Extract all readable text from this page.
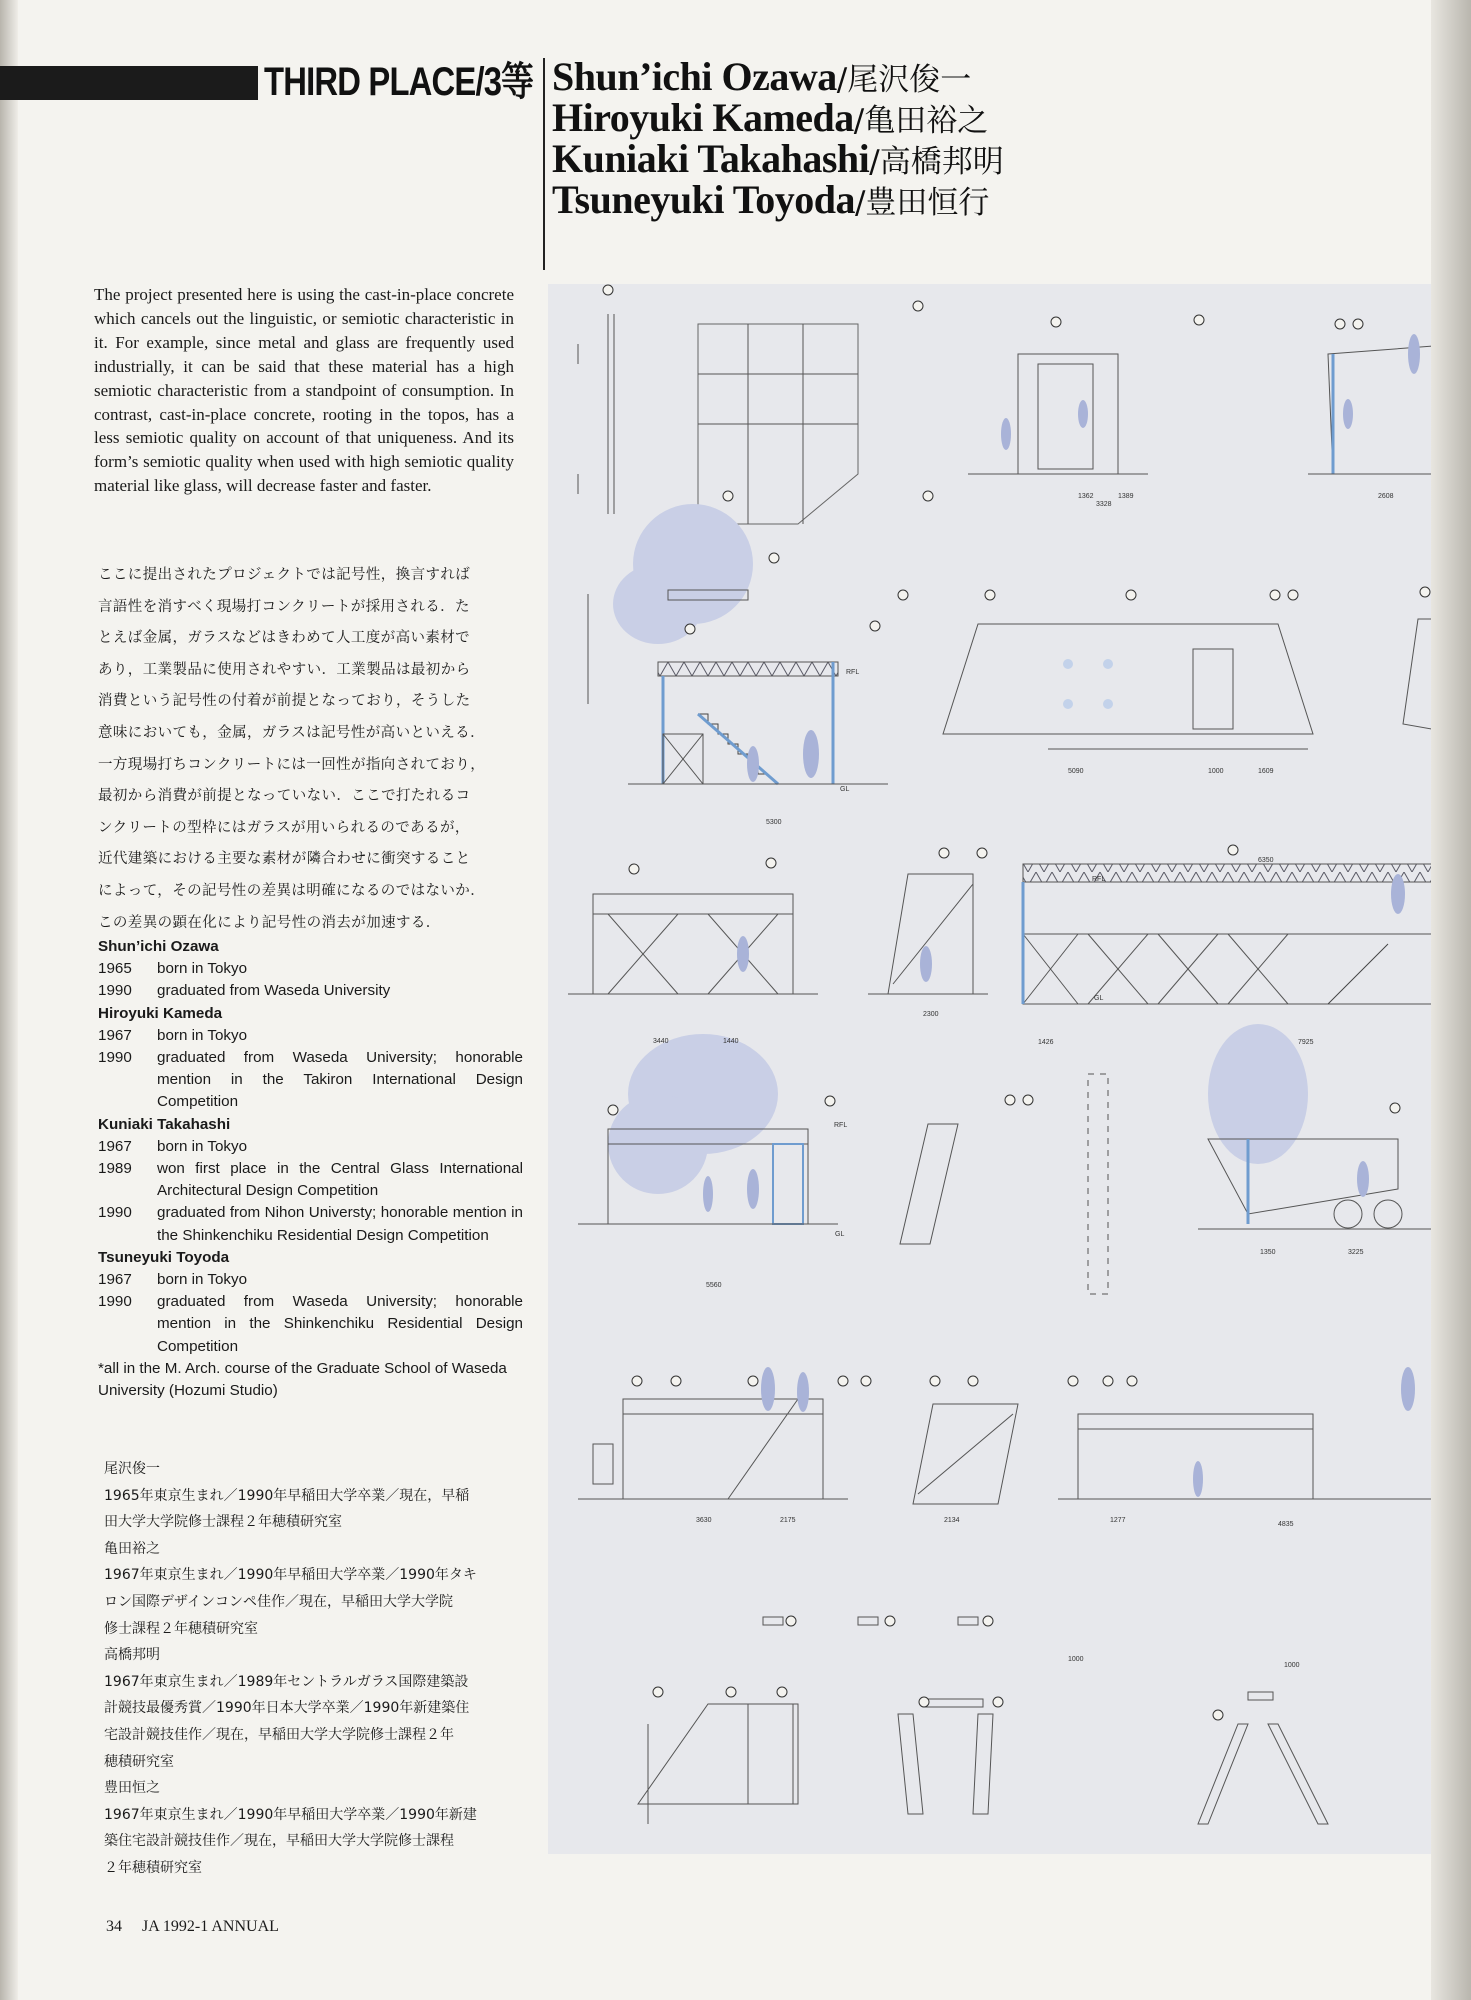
THIRD PLACE/3等 Shun’ichi Ozawa/尾沢俊一
Hiroyuki Kameda/亀田裕之
Kuniaki Takahashi/高橋邦明
Tsuneyuki Toyoda/豊田恒行
The project presented here is using the cast-in-place concrete which cancels out the linguistic, or semiotic characteristic in it. For example, since metal and glass are frequently used industrially, it can be said that these material has a high semiotic characteristic from a standpoint of consumption. In contrast, cast-in-place concrete, rooting in the topos, has a less semiotic quality on account of that uniqueness. And its form’s semiotic quality when used with high semiotic quality material like glass, will decrease faster and faster.
ここに提出されたプロジェクトでは記号性，換言すれば
言語性を消すべく現場打コンクリートが採用される．た
とえば金属，ガラスなどはきわめて人工度が高い素材で
あり，工業製品に使用されやすい．工業製品は最初から
消費という記号性の付着が前提となっており，そうした
意味においても，金属，ガラスは記号性が高いといえる．
一方現場打ちコンクリートには一回性が指向されており，
最初から消費が前提となっていない．ここで打たれるコ
ンクリートの型枠にはガラスが用いられるのであるが，
近代建築における主要な素材が隣合わせに衝突すること
によって，その記号性の差異は明確になるのではないか．
この差異の顕在化により記号性の消去が加速する．
Shun’ichi Ozawa
1965	born in Tokyo
1990	graduated from Waseda University
Hiroyuki Kameda
1967	born in Tokyo
1990	graduated from Waseda University; honorable mention in the Takiron International Design Competition
Kuniaki Takahashi
1967	born in Tokyo
1989	won first place in the Central Glass International Architectural Design Competition
1990	graduated from Nihon Universty; honorable mention in the Shinkenchiku Residential Design Competition
Tsuneyuki Toyoda
1967	born in Tokyo
1990	graduated from Waseda University; honorable mention in the Shinkenchiku Residential Design Competition
*all in the M. Arch. course of the Graduate School of Waseda University (Hozumi Studio)
尾沢俊一
1965年東京生まれ／1990年早稲田大学卒業／現在，早稲
田大学大学院修士課程２年穂積研究室
亀田裕之
1967年東京生まれ／1990年早稲田大学卒業／1990年タキ
ロン国際デザインコンペ佳作／現在，早稲田大学大学院
修士課程２年穂積研究室
高橋邦明
1967年東京生まれ／1989年セントラルガラス国際建築設
計競技最優秀賞／1990年日本大学卒業／1990年新建築住
宅設計競技佳作／現在，早稲田大学大学院修士課程２年
穂積研究室
豊田恒之
1967年東京生まれ／1990年早稲田大学卒業／1990年新建
築住宅設計競技佳作／現在，早稲田大学大学院修士課程
２年穂積研究室
34 JA 1992-1 ANNUAL
5300
5090	1000	1609
6350
3440	1440
2300
1426	7925
5560
1350	3225
3630	2175	2134	1277
4835
1000
1000
1362	1389
3328
2608
RFL
GL
RFL
GL
RFL
GL
